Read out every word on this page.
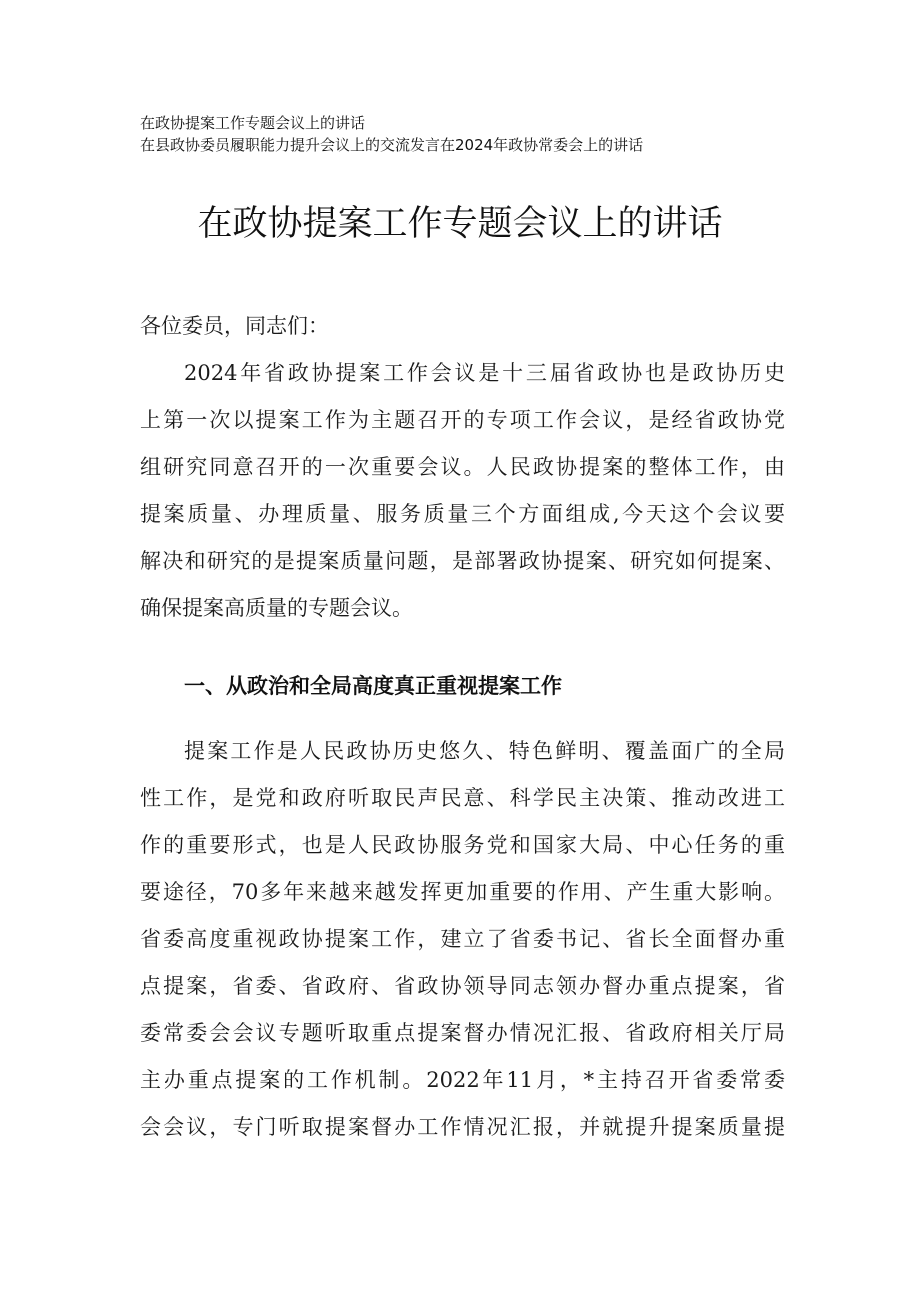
在政协提案工作专题会议上的讲话
在县政协委员履职能力提升会议上的交流发言在2024年政协常委会上的讲话
在政协提案工作专题会议上的讲话
各位委员，同志们：
2024年省政协提案工作会议是十三届省政协也是政协历史
上第一次以提案工作为主题召开的专项工作会议，是经省政协党
组研究同意召开的一次重要会议。人民政协提案的整体工作，由
提案质量、办理质量、服务质量三个方面组成,今天这个会议要
解决和研究的是提案质量问题，是部署政协提案、研究如何提案、
确保提案高质量的专题会议。
一、从政治和全局高度真正重视提案工作
提案工作是人民政协历史悠久、特色鲜明、覆盖面广的全局
性工作，是党和政府听取民声民意、科学民主决策、推动改进工
作的重要形式，也是人民政协服务党和国家大局、中心任务的重
要途径，70多年来越来越发挥更加重要的作用、产生重大影响。
省委高度重视政协提案工作，建立了省委书记、省长全面督办重
点提案，省委、省政府、省政协领导同志领办督办重点提案，省
委常委会会议专题听取重点提案督办情况汇报、省政府相关厅局
主办重点提案的工作机制。2022年11月，*主持召开省委常委
会会议，专门听取提案督办工作情况汇报，并就提升提案质量提
